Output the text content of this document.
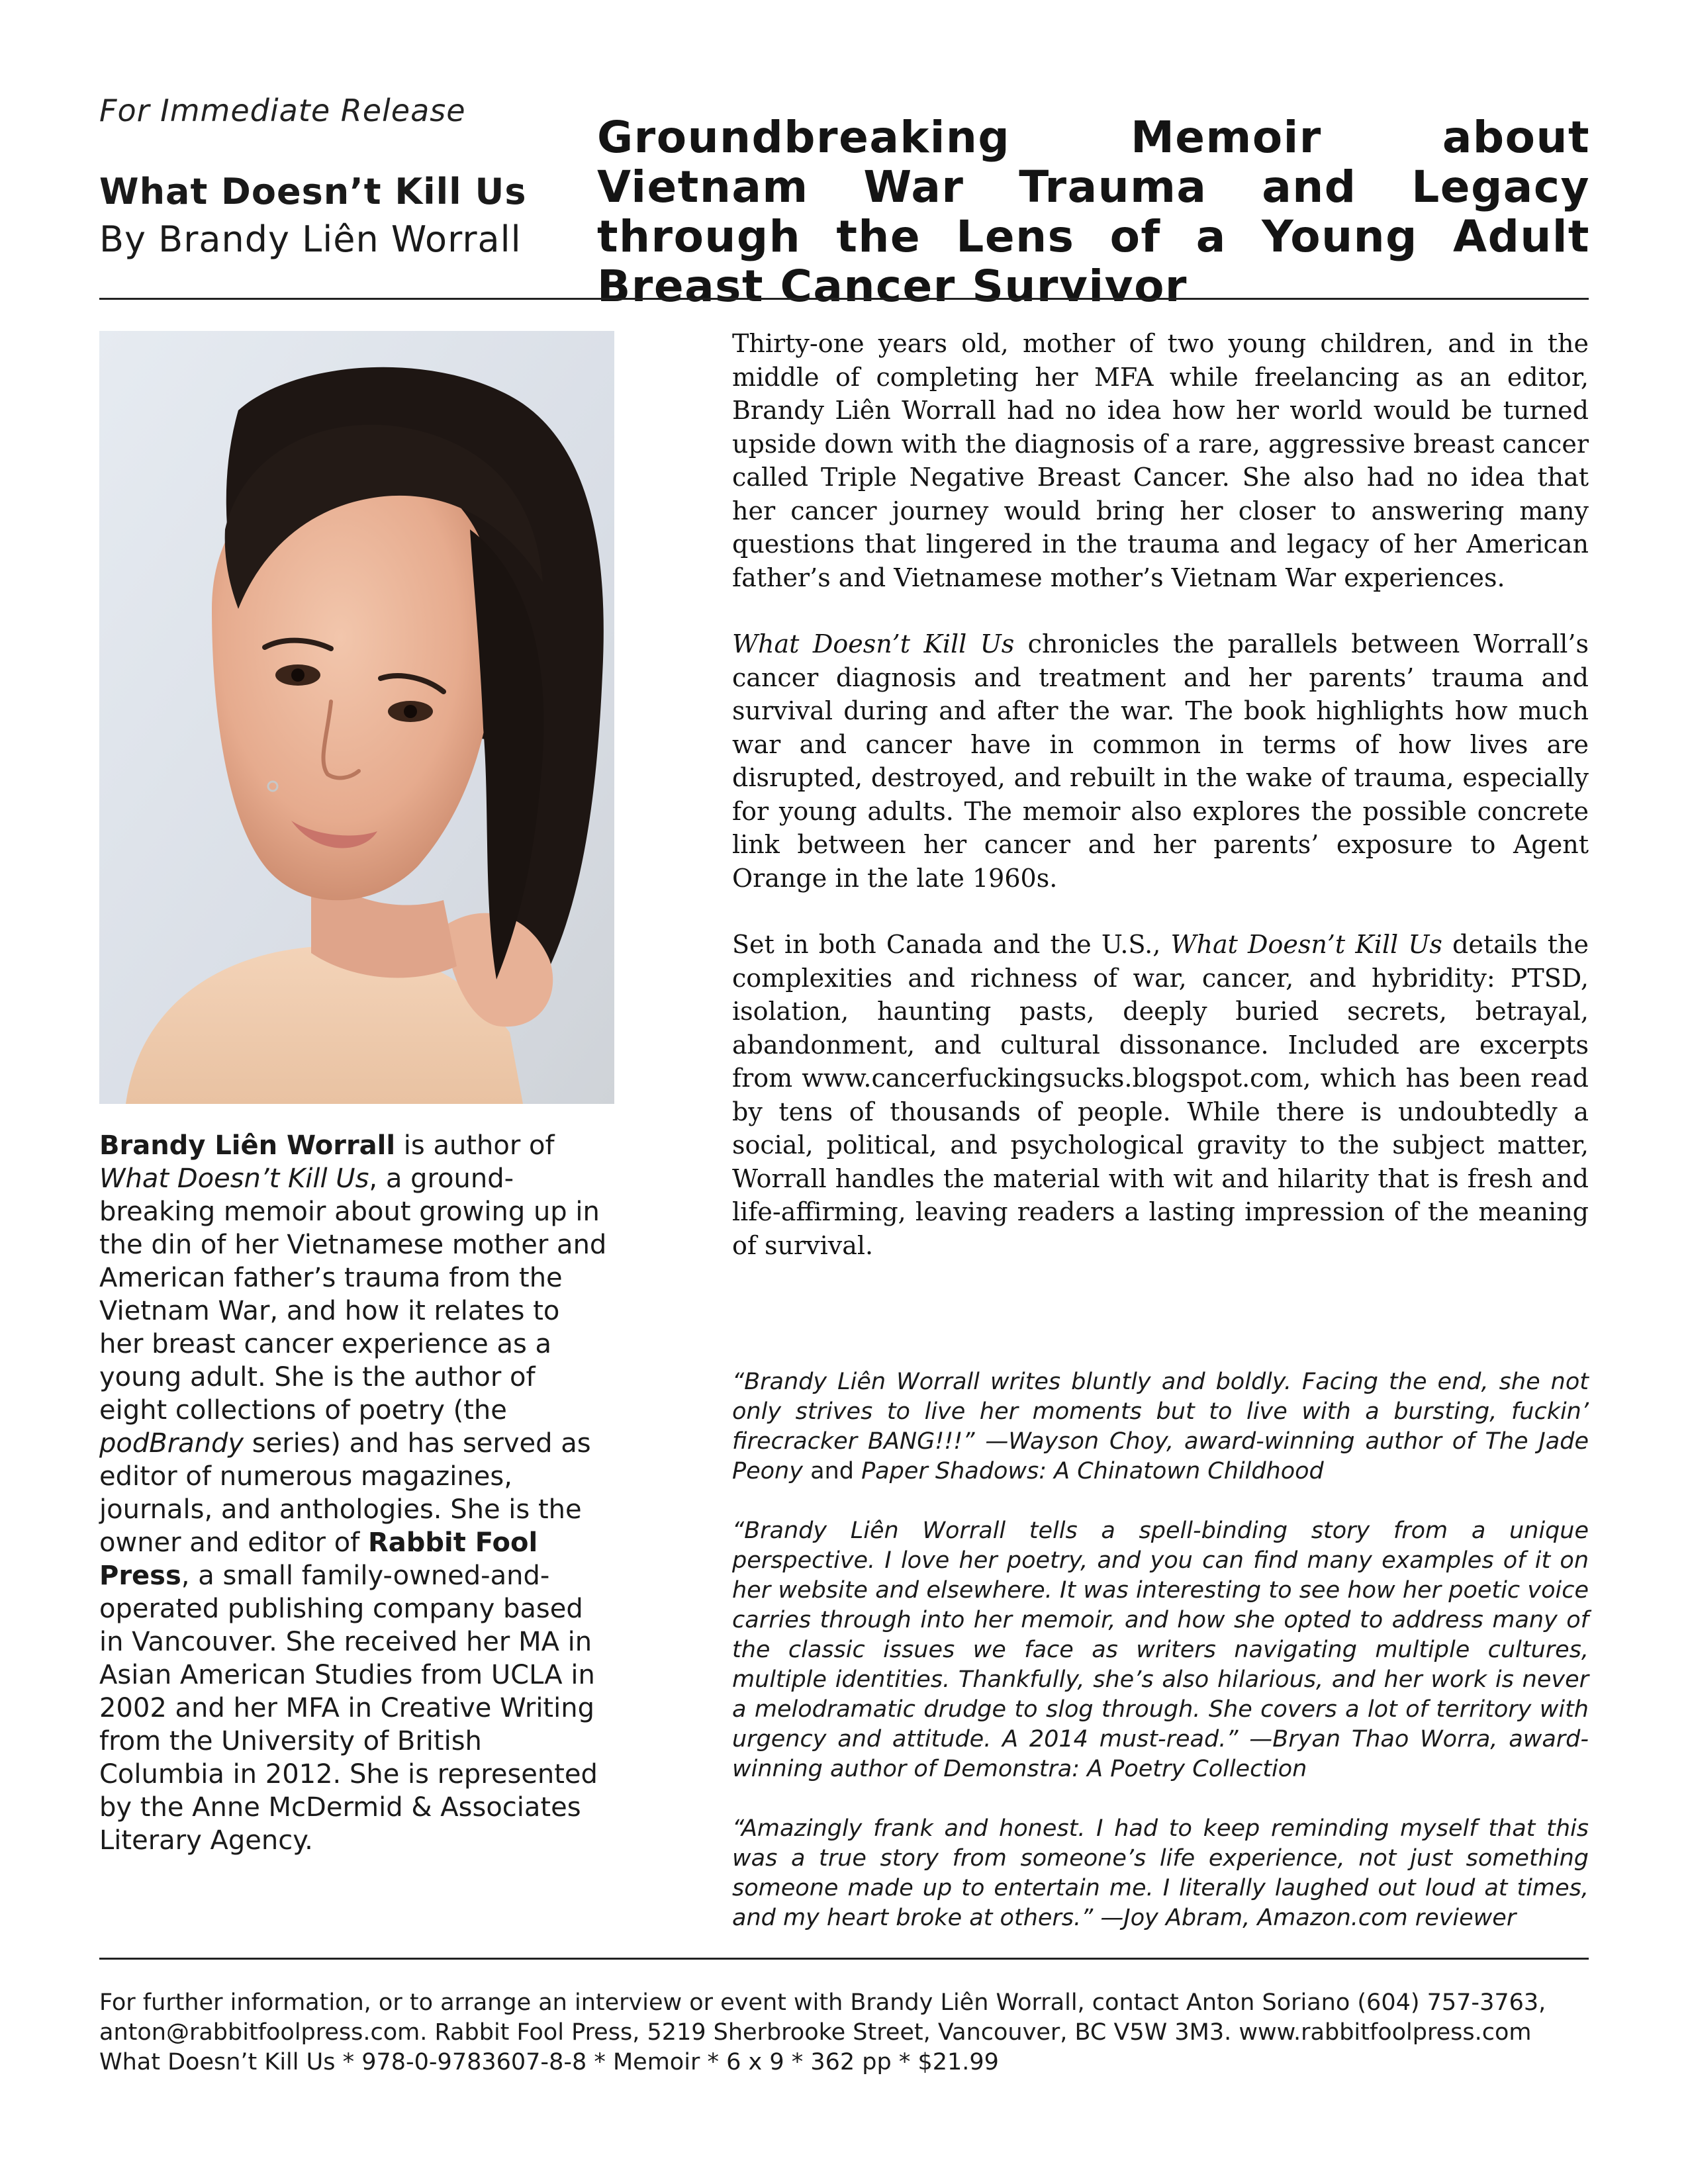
For Immediate Release
What Doesn’t Kill Us
By Brandy Liên Worrall
Groundbreaking Memoir about Vietnam War Trauma and Legacy through the Lens of a Young Adult Breast Cancer Survivor

Brandy Liên Worrall is author of What Doesn’t Kill Us, a ground-breaking memoir about growing up in the din of her Vietnamese mother and American father’s trauma from the Vietnam War, and how it relates to her breast cancer experience as a young adult. She is the author of eight collections of poetry (the podBrandy series) and has served as editor of numerous magazines, journals, and anthologies. She is the owner and editor of Rabbit Fool Press, a small family-owned-and-operated publishing company based in Vancouver. She received her MA in Asian American Studies from UCLA in 2002 and her MFA in Creative Writing from the University of British Columbia in 2012. She is represented by the Anne McDermid & Associates Literary Agency.

Thirty-one years old, mother of two young children, and in the middle of completing her MFA while freelancing as an editor, Brandy Liên Worrall had no idea how her world would be turned upside down with the diagnosis of a rare, aggressive breast cancer called Triple Negative Breast Cancer. She also had no idea that her cancer journey would bring her closer to answering many questions that lingered in the trauma and legacy of her American father’s and Vietnamese mother’s Vietnam War experiences.

What Doesn’t Kill Us chronicles the parallels between Worrall’s cancer diagnosis and treatment and her parents’ trauma and survival during and after the war. The book highlights how much war and cancer have in common in terms of how lives are disrupted, destroyed, and rebuilt in the wake of trauma, especially for young adults. The memoir also explores the possible concrete link between her cancer and her parents’ exposure to Agent Orange in the late 1960s.

Set in both Canada and the U.S., What Doesn’t Kill Us details the complexities and richness of war, cancer, and hybridity: PTSD, isolation, haunting pasts, deeply buried secrets, betrayal, abandonment, and cultural dissonance. Included are excerpts from www.cancerfuckingsucks.blogspot.com, which has been read by tens of thousands of people. While there is undoubtedly a social, political, and psychological gravity to the subject matter, Worrall handles the material with wit and hilarity that is fresh and life-affirming, leaving readers a lasting impression of the meaning of survival.

“Brandy Liên Worrall writes bluntly and boldly. Facing the end, she not only strives to live her moments but to live with a bursting, fuckin’ firecracker BANG!!!” —Wayson Choy, award-winning author of The Jade Peony and Paper Shadows: A Chinatown Childhood

“Brandy Liên Worrall tells a spell-binding story from a unique perspective. I love her poetry, and you can find many examples of it on her website and elsewhere. It was interesting to see how her poetic voice carries through into her memoir, and how she opted to address many of the classic issues we face as writers navigating multiple cultures, multiple identities. Thankfully, she’s also hilarious, and her work is never a melodramatic drudge to slog through. She covers a lot of territory with urgency and attitude. A 2014 must-read.” —Bryan Thao Worra, award-winning author of Demonstra: A Poetry Collection

“Amazingly frank and honest. I had to keep reminding myself that this was a true story from someone’s life experience, not just something someone made up to entertain me. I literally laughed out loud at times, and my heart broke at others.” —Joy Abram, Amazon.com reviewer

For further information, or to arrange an interview or event with Brandy Liên Worrall, contact Anton Soriano (604) 757-3763,
anton@rabbitfoolpress.com. Rabbit Fool Press, 5219 Sherbrooke Street, Vancouver, BC V5W 3M3. www.rabbitfoolpress.com
What Doesn’t Kill Us * 978-0-9783607-8-8 * Memoir * 6 x 9 * 362 pp * $21.99
